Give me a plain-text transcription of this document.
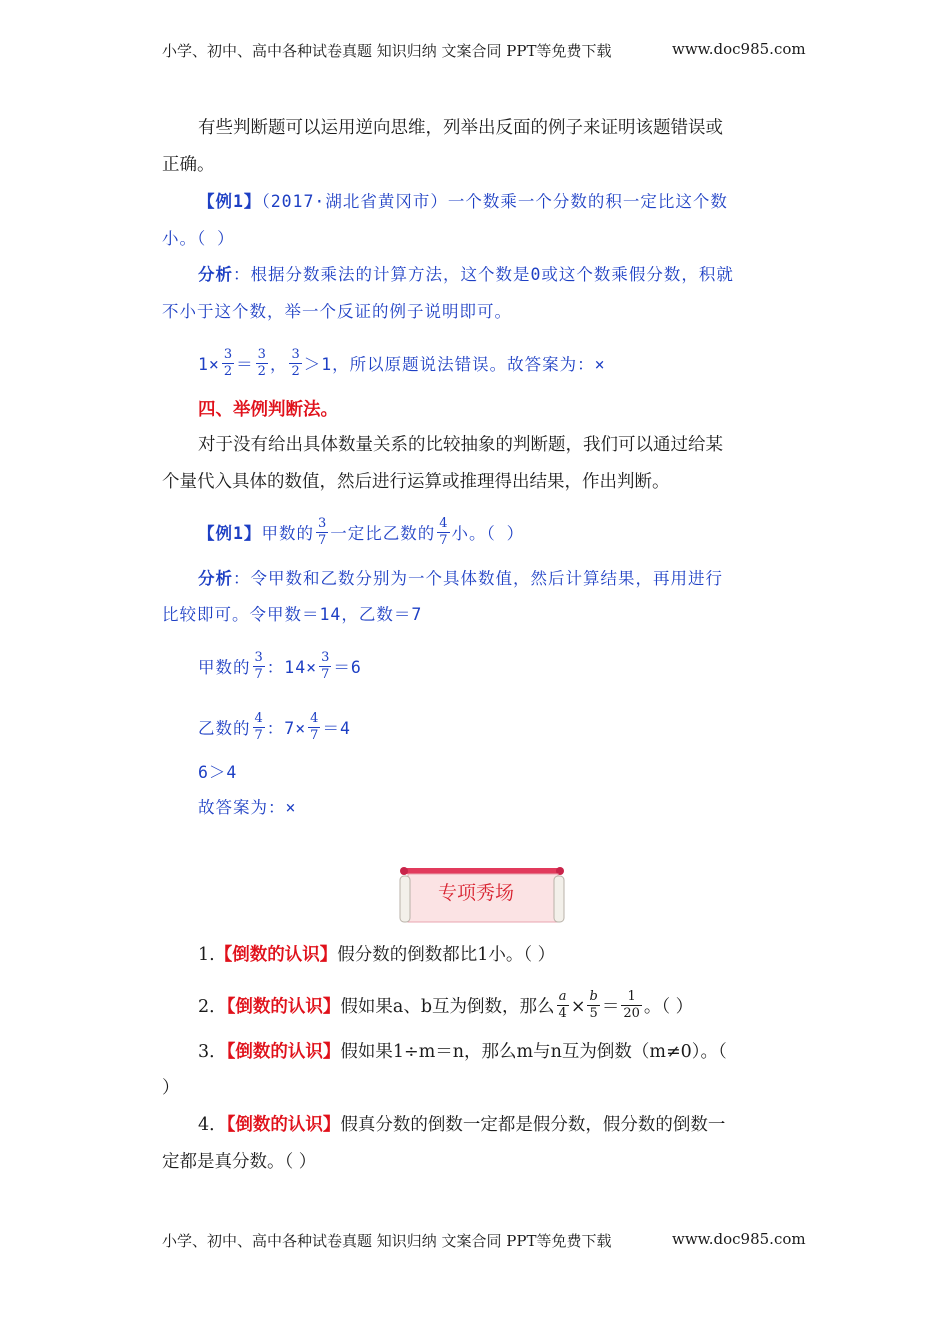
小学、初中、高中各种试卷真题 知识归纳 文案合同 PPT等免费下载	www.doc985.com
有些判断题可以运用逆向思维，列举出反面的例子来证明该题错误或
正确。
【例1】（2017·湖北省黄冈市）一个数乘一个分数的积一定比这个数
小。（ ）
分析：根据分数乘法的计算方法，这个数是0或这个数乘假分数，积就
不小于这个数，举一个反证的例子说明即可。
$1\times \frac{3}{2} = \frac{3}{2}$ ， $\frac{3}{2} >1$，所以原题说法错误。故答案为：×
四、举例判断法。
对于没有给出具体数量关系的比较抽象的判断题，我们可以通过给某
个量代入具体的数值，然后进行运算或推理得出结果，作出判断。
【例1】甲数的 $\frac{3}{7}$ 一定比乙数的 $\frac{4}{7}$ 小。（ ）
分析：令甲数和乙数分别为一个具体数值，然后计算结果，再用进行
比较即可。令甲数＝14，乙数＝7
甲数的 $\frac{3}{7}$ ：$14\times \frac{3}{7} =6$
乙数的 $\frac{4}{7}$ ：$7\times \frac{4}{7} =4$
6＞4
故答案为：×
专项秀场
1.【倒数的认识】假分数的倒数都比1小。（ ）
2．【倒数的认识】假如果a、b互为倒数，那么 $\frac{a}{4} \times \frac{b}{5} = \frac{1}{20}$ 。（ ）
3．【倒数的认识】假如果1÷m＝n，那么m与n互为倒数（m≠0）。（
）
4．【倒数的认识】假真分数的倒数一定都是假分数，假分数的倒数一
定都是真分数。（ ）
小学、初中、高中各种试卷真题 知识归纳 文案合同 PPT等免费下载	www.doc985.com
